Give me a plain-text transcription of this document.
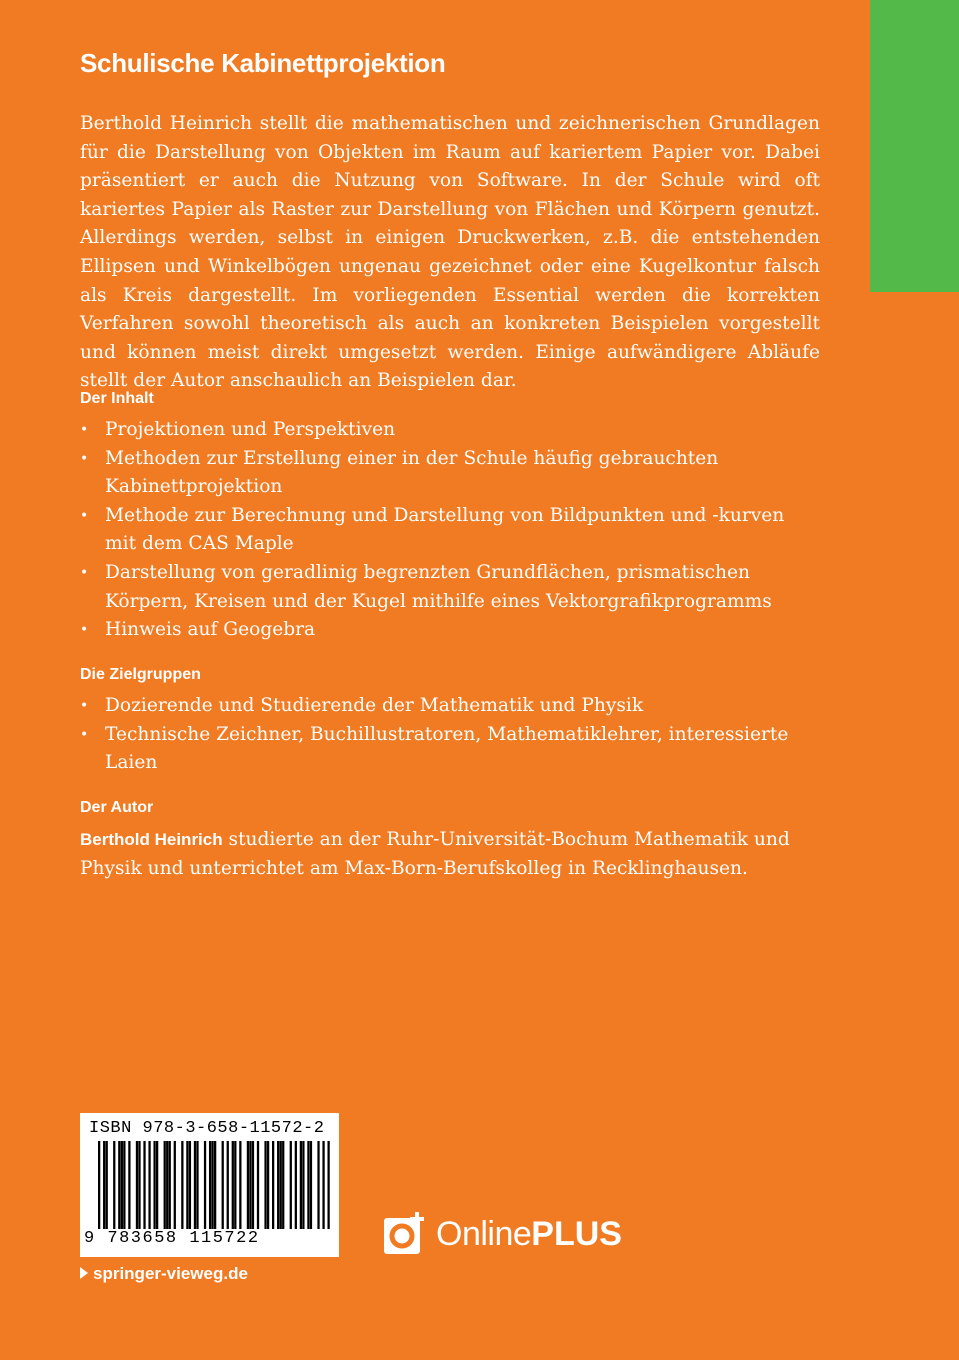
Schulische Kabinettprojektion
Berthold Heinrich stellt die mathematischen und zeichnerischen Grundlagen für die Darstellung von Objekten im Raum auf kariertem Papier vor. Dabei präsentiert er auch die Nutzung von Software. In der Schule wird oft kariertes Papier als Raster zur Darstellung von Flächen und Körpern genutzt. Allerdings werden, selbst in einigen Druckwerken, z.B. die entstehenden Ellipsen und Winkelbögen ungenau gezeichnet oder eine Kugelkontur falsch als Kreis dargestellt. Im vorliegenden Essential werden die korrekten Verfahren sowohl theoretisch als auch an konkreten Beispielen vorgestellt und können meist direkt umgesetzt werden. Einige aufwändigere Abläufe stellt der Autor anschaulich an Beispielen dar.
Der Inhalt
• Projektionen und Perspektiven
• Methoden zur Erstellung einer in der Schule häufig gebrauchten Kabinettprojektion
• Methode zur Berechnung und Darstellung von Bildpunkten und -kurven mit dem CAS Maple
• Darstellung von geradlinig begrenzten Grundflächen, prismatischen Körpern, Kreisen und der Kugel mithilfe eines Vektorgrafikprogramms
• Hinweis auf Geogebra
Die Zielgruppen
• Dozierende und Studierende der Mathematik und Physik
• Technische Zeichner, Buchillustratoren, Mathematiklehrer, interessierte Laien
Der Autor
Berthold Heinrich studierte an der Ruhr-Universität-Bochum Mathematik und Physik und unterrichtet am Max-Born-Berufskolleg in Recklinghausen.
ISBN 978-3-658-11572-2
9 783658 115722
springer-vieweg.de
Online PLUS
